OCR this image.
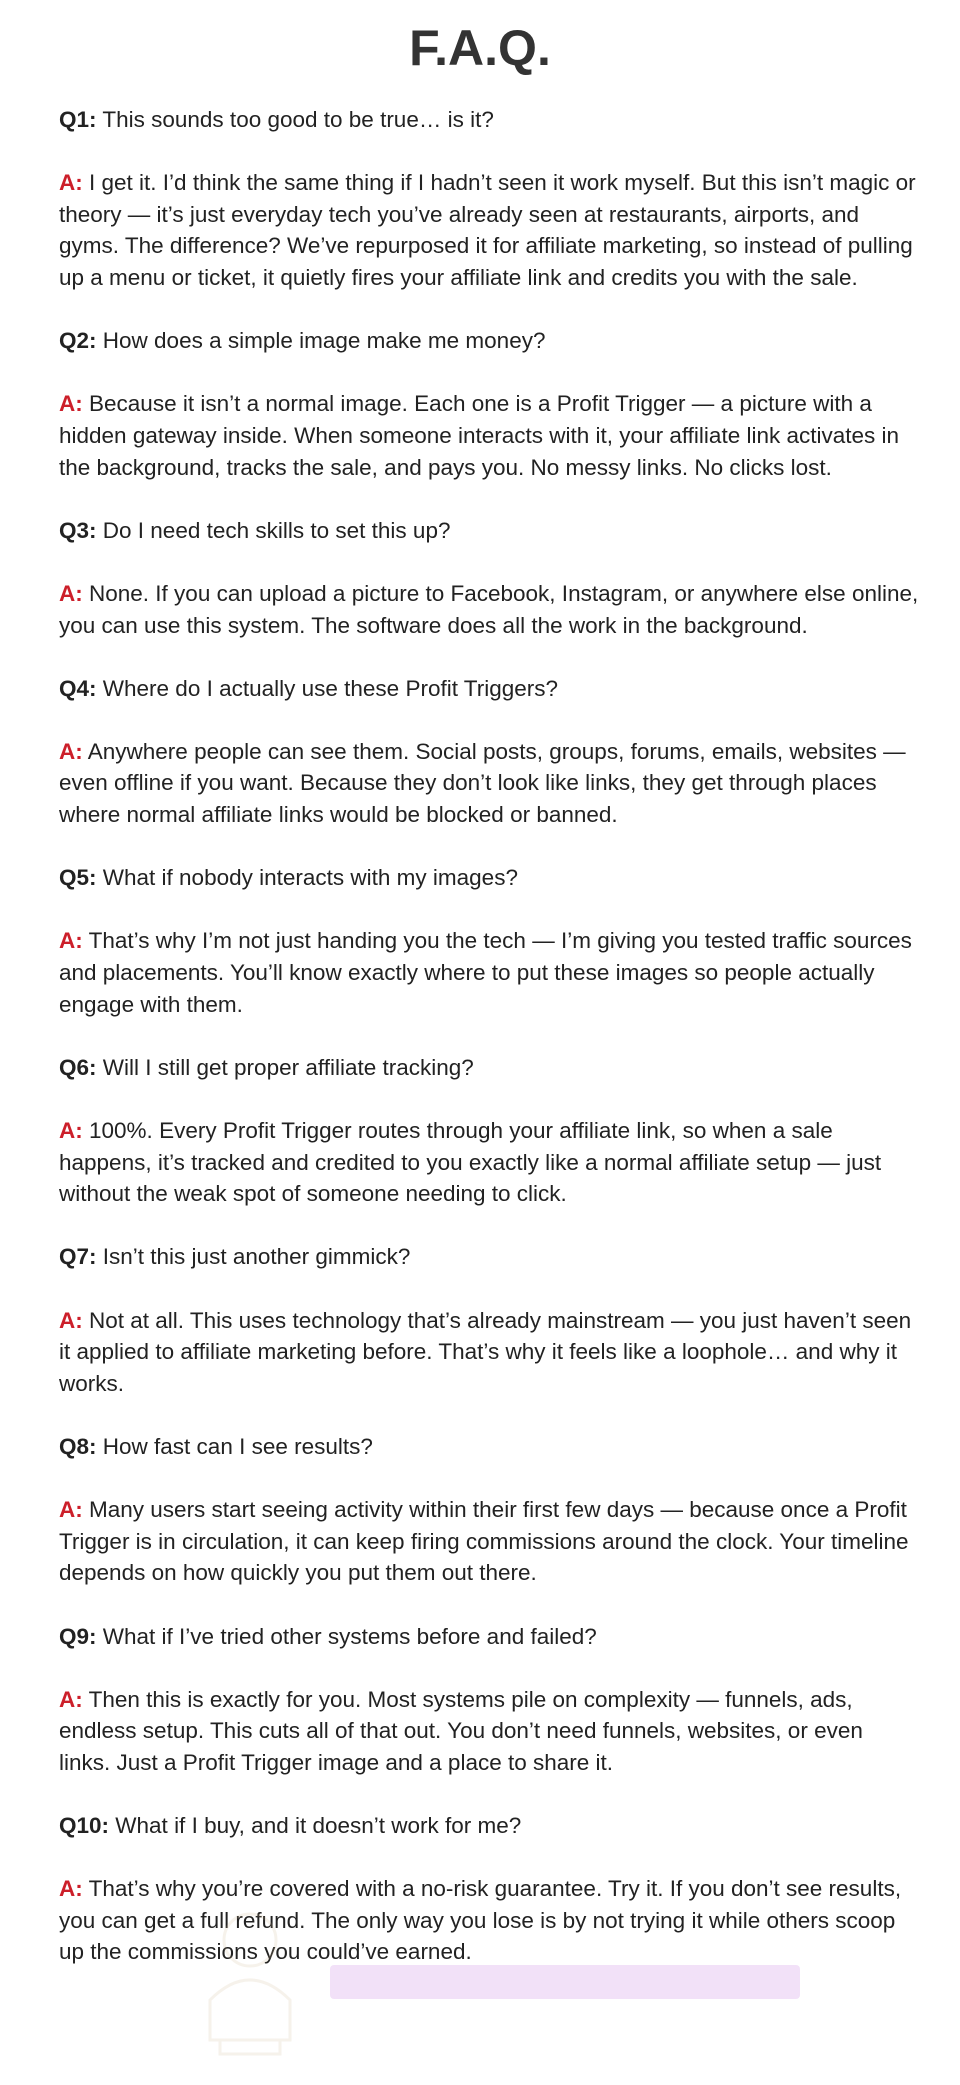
F.A.Q.

Q1: This sounds too good to be true… is it?

A: I get it. I’d think the same thing if I hadn’t seen it work myself. But this isn’t magic or theory — it’s just everyday tech you’ve already seen at restaurants, airports, and gyms. The difference? We’ve repurposed it for affiliate marketing, so instead of pulling up a menu or ticket, it quietly fires your affiliate link and credits you with the sale.

Q2: How does a simple image make me money?

A: Because it isn’t a normal image. Each one is a Profit Trigger — a picture with a hidden gateway inside. When someone interacts with it, your affiliate link activates in the background, tracks the sale, and pays you. No messy links. No clicks lost.

Q3: Do I need tech skills to set this up?

A: None. If you can upload a picture to Facebook, Instagram, or anywhere else online, you can use this system. The software does all the work in the background.

Q4: Where do I actually use these Profit Triggers?

A: Anywhere people can see them. Social posts, groups, forums, emails, websites — even offline if you want. Because they don’t look like links, they get through places where normal affiliate links would be blocked or banned.

Q5: What if nobody interacts with my images?

A: That’s why I’m not just handing you the tech — I’m giving you tested traffic sources and placements. You’ll know exactly where to put these images so people actually engage with them.

Q6: Will I still get proper affiliate tracking?

A: 100%. Every Profit Trigger routes through your affiliate link, so when a sale happens, it’s tracked and credited to you exactly like a normal affiliate setup — just without the weak spot of someone needing to click.

Q7: Isn’t this just another gimmick?

A: Not at all. This uses technology that’s already mainstream — you just haven’t seen it applied to affiliate marketing before. That’s why it feels like a loophole… and why it works.

Q8: How fast can I see results?

A: Many users start seeing activity within their first few days — because once a Profit Trigger is in circulation, it can keep firing commissions around the clock. Your timeline depends on how quickly you put them out there.

Q9: What if I’ve tried other systems before and failed?

A: Then this is exactly for you. Most systems pile on complexity — funnels, ads, endless setup. This cuts all of that out. You don’t need funnels, websites, or even links. Just a Profit Trigger image and a place to share it.

Q10: What if I buy, and it doesn’t work for me?

A: That’s why you’re covered with a no-risk guarantee. Try it. If you don’t see results, you can get a full refund. The only way you lose is by not trying it while others scoop up the commissions you could’ve earned.
